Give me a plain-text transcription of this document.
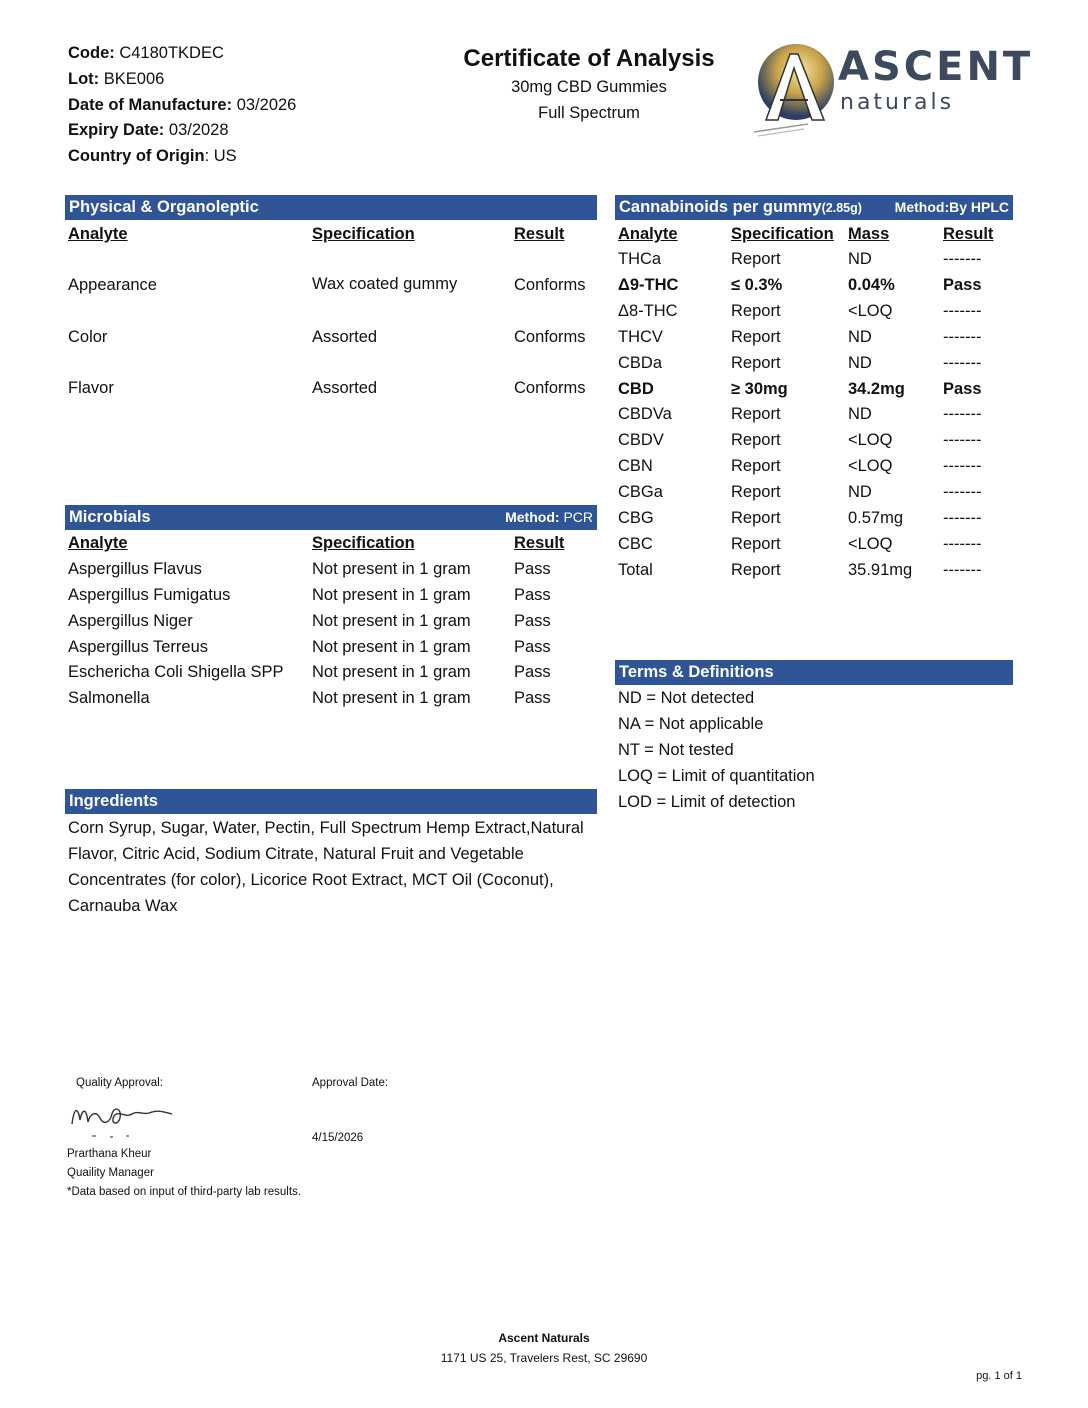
Code: C4180TKDEC
Lot: BKE006
Date of Manufacture: 03/2026
Expiry Date: 03/2028
Country of Origin: US
Certificate of Analysis
30mg CBD Gummies
Full Spectrum
ASCENT
naturals
Physical & Organoleptic
Analyte	Specification	Result
Appearance	Wax coated gummy	Conforms
Color	Assorted	Conforms
Flavor	Assorted	Conforms
Microbials	Method: PCR
Analyte	Specification	Result
Aspergillus Flavus	Not present in 1 gram	Pass
Aspergillus Fumigatus	Not present in 1 gram	Pass
Aspergillus Niger	Not present in 1 gram	Pass
Aspergillus Terreus	Not present in 1 gram	Pass
Escherichа Coli Shigella SPP Not present in 1 gram	Pass
Salmonella	Not present in 1 gram	Pass
Ingredients
Corn Syrup, Sugar, Water, Pectin, Full Spectrum Hemp Extract,Natural Flavor, Citric Acid, Sodium Citrate, Natural Fruit and Vegetable Concentrates (for color), Licorice Root Extract, MCT Oil (Coconut), Carnauba Wax
Cannabinoids per gummy(2.85g) Method:By HPLC
Analyte	Specification Mass	Result
THCa	Report	ND	-------
Δ9-THC	≤ 0.3%	0.04%	Pass
Δ8-THC	Report	<LOQ	-------
THCV	Report	ND	-------
CBDa	Report	ND	-------
CBD	≥ 30mg	34.2mg Pass
CBDVa	Report	ND	-------
CBDV	Report	<LOQ	-------
CBN	Report	<LOQ	-------
CBGa	Report	ND	-------
CBG	Report	0.57mg -------
CBC	Report	<LOQ	-------
Total	Report	35.91mg -------
Terms & Definitions
ND = Not detected
NA = Not applicable
NT = Not tested
LOQ = Limit of quantitation
LOD = Limit of detection
Quality Approval:	Approval Date:
4/15/2026
Prarthana Kheur
Quaility Manager
*Data based on input of third-party lab results.
Ascent Naturals
1171 US 25, Travelers Rest, SC 29690
pg. 1 of 1
